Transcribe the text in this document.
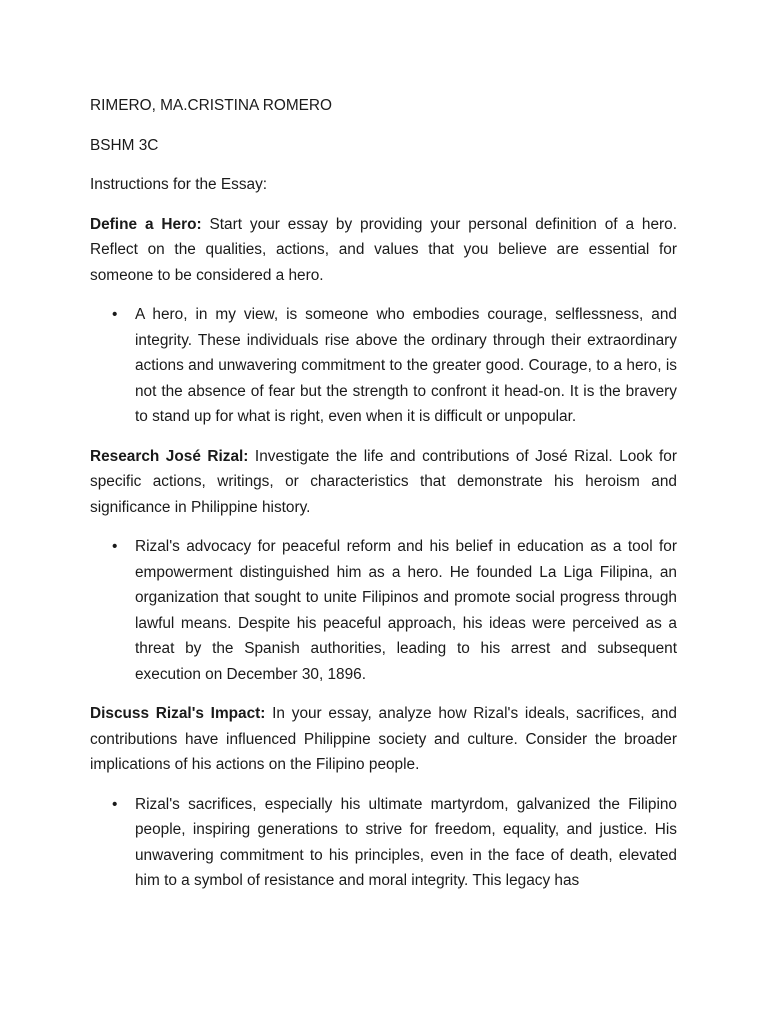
RIMERO, MA.CRISTINA ROMERO

BSHM 3C

Instructions for the Essay:

Define a Hero: Start your essay by providing your personal definition of a hero. Reflect on the qualities, actions, and values that you believe are essential for someone to be considered a hero.

• A hero, in my view, is someone who embodies courage, selflessness, and integrity. These individuals rise above the ordinary through their extraordinary actions and unwavering commitment to the greater good. Courage, to a hero, is not the absence of fear but the strength to confront it head-on. It is the bravery to stand up for what is right, even when it is difficult or unpopular.

Research José Rizal: Investigate the life and contributions of José Rizal. Look for specific actions, writings, or characteristics that demonstrate his heroism and significance in Philippine history.

• Rizal's advocacy for peaceful reform and his belief in education as a tool for empowerment distinguished him as a hero. He founded La Liga Filipina, an organization that sought to unite Filipinos and promote social progress through lawful means. Despite his peaceful approach, his ideas were perceived as a threat by the Spanish authorities, leading to his arrest and subsequent execution on December 30, 1896.

Discuss Rizal's Impact: In your essay, analyze how Rizal's ideals, sacrifices, and contributions have influenced Philippine society and culture. Consider the broader implications of his actions on the Filipino people.

• Rizal's sacrifices, especially his ultimate martyrdom, galvanized the Filipino people, inspiring generations to strive for freedom, equality, and justice. His unwavering commitment to his principles, even in the face of death, elevated him to a symbol of resistance and moral integrity. This legacy has
